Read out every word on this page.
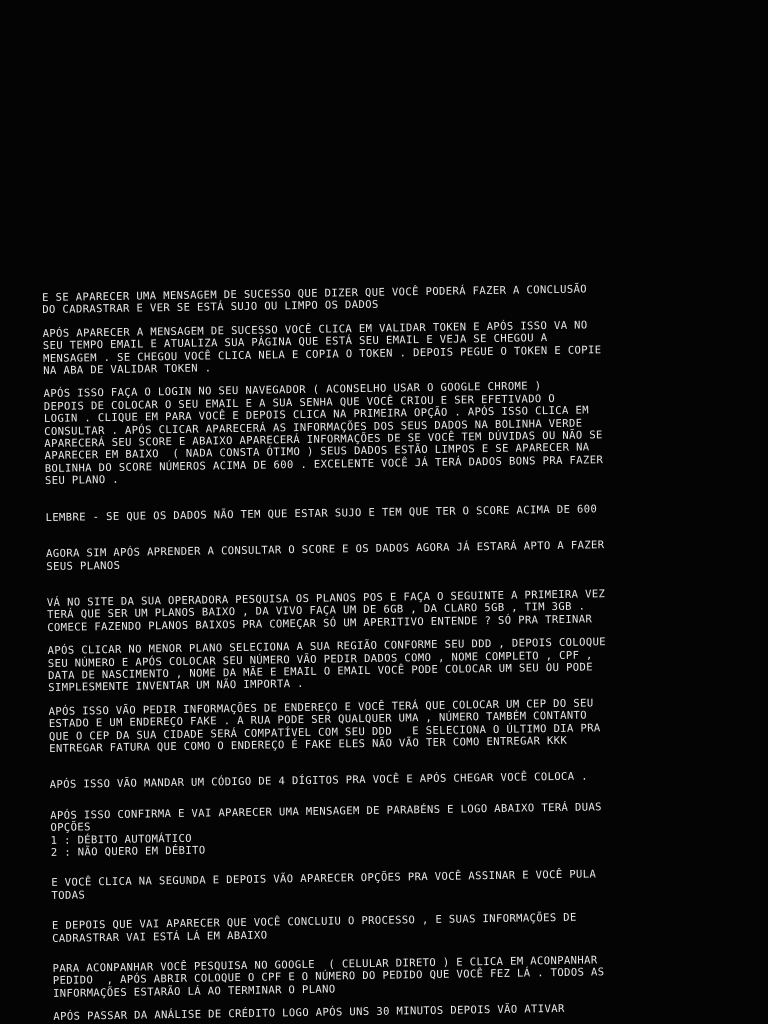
E SE APARECER UMA MENSAGEM DE SUCESSO QUE DIZER QUE VOCÊ PODERÁ FAZER A CONCLUSÃO
DO CADRASTRAR E VER SE ESTÁ SUJO OU LIMPO OS DADOS

APÓS APARECER A MENSAGEM DE SUCESSO VOCÊ CLICA EM VALIDAR TOKEN E APÓS ISSO VA NO
SEU TEMPO EMAIL E ATUALIZA SUA PÁGINA QUE ESTÁ SEU EMAIL E VEJA SE CHEGOU A
MENSAGEM . SE CHEGOU VOCÊ CLICA NELA E COPIA O TOKEN . DEPOIS PEGUE O TOKEN E COPIE
NA ABA DE VALIDAR TOKEN .

APÓS ISSO FAÇA O LOGIN NO SEU NAVEGADOR ( ACONSELHO USAR O GOOGLE CHROME )
DEPOIS DE COLOCAR O SEU EMAIL E A SUA SENHA QUE VOCÊ CRIOU E SER EFETIVADO O
LOGIN . CLIQUE EM PARA VOCÊ E DEPOIS CLICA NA PRIMEIRA OPÇÃO . APÓS ISSO CLICA EM
CONSULTAR . APÓS CLICAR APARECERÁ AS INFORMAÇÕES DOS SEUS DADOS NA BOLINHA VERDE
APARECERÁ SEU SCORE E ABAIXO APARECERÁ INFORMAÇÕES DE SE VOCÊ TEM DÚVIDAS OU NÃO SE
APARECER EM BAIXO  ( NADA CONSTA ÓTIMO ) SEUS DADOS ESTÃO LIMPOS E SE APARECER NA
BOLINHA DO SCORE NÚMEROS ACIMA DE 600 . EXCELENTE VOCÊ JÁ TERÁ DADOS BONS PRA FAZER
SEU PLANO .

LEMBRE - SE QUE OS DADOS NÃO TEM QUE ESTAR SUJO E TEM QUE TER O SCORE ACIMA DE 600

AGORA SIM APÓS APRENDER A CONSULTAR O SCORE E OS DADOS AGORA JÁ ESTARÁ APTO A FAZER
SEUS PLANOS

VÁ NO SITE DA SUA OPERADORA PESQUISA OS PLANOS POS E FAÇA O SEGUINTE A PRIMEIRA VEZ
TERÁ QUE SER UM PLANOS BAIXO , DA VIVO FAÇA UM DE 6GB , DA CLARO 5GB , TIM 3GB .
COMECE FAZENDO PLANOS BAIXOS PRA COMEÇAR SÓ UM APERITIVO ENTENDE ? SÓ PRA TREINAR

APÓS CLICAR NO MENOR PLANO SELECIONA A SUA REGIÃO CONFORME SEU DDD , DEPOIS COLOQUE
SEU NÚMERO E APÓS COLOCAR SEU NÚMERO VÃO PEDIR DADOS COMO , NOME COMPLETO , CPF ,
DATA DE NASCIMENTO , NOME DA MÃE E EMAIL O EMAIL VOCÊ PODE COLOCAR UM SEU OU PODE
SIMPLESMENTE INVENTAR UM NÃO IMPORTA .

APÓS ISSO VÃO PEDIR INFORMAÇÕES DE ENDEREÇO E VOCÊ TERÁ QUE COLOCAR UM CEP DO SEU
ESTADO E UM ENDEREÇO FAKE . A RUA PODE SER QUALQUER UMA , NÚMERO TAMBÉM CONTANTO
QUE O CEP DA SUA CIDADE SERÁ COMPATÍVEL COM SEU DDD   E SELECIONA O ÚLTIMO DIA PRA
ENTREGAR FATURA QUE COMO O ENDEREÇO É FAKE ELES NÃO VÃO TER COMO ENTREGAR KKK

APÓS ISSO VÃO MANDAR UM CÓDIGO DE 4 DÍGITOS PRA VOCÊ E APÓS CHEGAR VOCÊ COLOCA .

APÓS ISSO CONFIRMA E VAI APARECER UMA MENSAGEM DE PARABÉNS E LOGO ABAIXO TERÁ DUAS
OPÇÕES
1 : DÉBITO AUTOMÁTICO
2 : NÃO QUERO EM DÉBITO

E VOCÊ CLICA NA SEGUNDA E DEPOIS VÃO APARECER OPÇÕES PRA VOCÊ ASSINAR E VOCÊ PULA
TODAS

E DEPOIS QUE VAI APARECER QUE VOCÊ CONCLUIU O PROCESSO , E SUAS INFORMAÇÕES DE
CADRASTRAR VAI ESTÁ LÁ EM ABAIXO

PARA ACONPANHAR VOCÊ PESQUISA NO GOOGLE  ( CELULAR DIRETO ) E CLICA EM ACONPANHAR
PEDIDO  , APÓS ABRIR COLOQUE O CPF E O NÚMERO DO PEDIDO QUE VOCÊ FEZ LÁ . TODOS AS
INFORMAÇÕES ESTARÃO LÁ AO TERMINAR O PLANO

APÓS PASSAR DA ANÁLISE DE CRÉDITO LOGO APÓS UNS 30 MINUTOS DEPOIS VÃO ATIVAR
